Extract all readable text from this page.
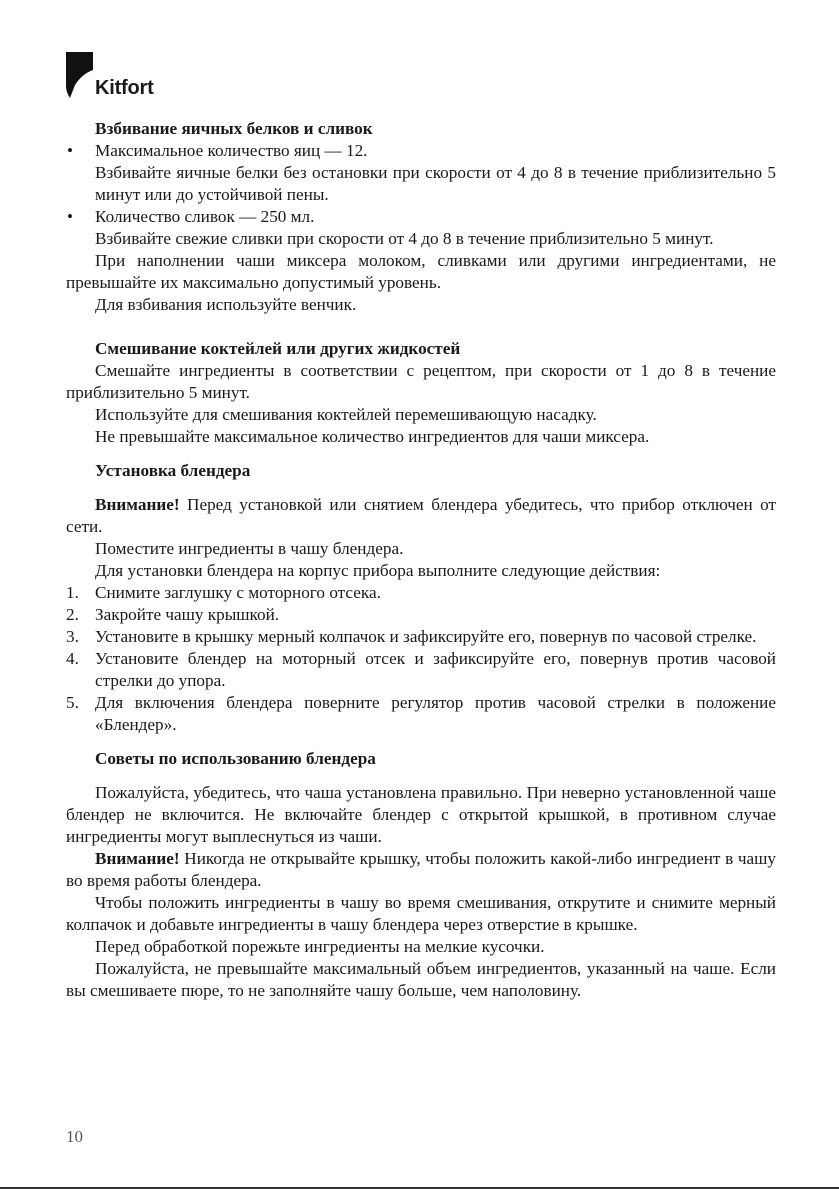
Kitfort
Взбивание яичных белков и сливок
• Максимальное количество яиц — 12.

Взбивайте яичные белки без остановки при скорости от 4 до 8 в течение приблизительно 5 минут или до устойчивой пены.

• Количество сливок — 250 мл.

Взбивайте свежие сливки при скорости от 4 до 8 в течение приблизительно 5 минут.

При наполнении чаши миксера молоком, сливками или другими ингредиентами, не превышайте их максимально допустимый уровень.

Для взбивания используйте венчик.

Смешивание коктейлей или других жидкостей

Смешайте ингредиенты в соответствии с рецептом, при скорости от 1 до 8 в течение приблизительно 5 минут.

Используйте для смешивания коктейлей перемешивающую насадку.

Не превышайте максимальное количество ингредиентов для чаши миксера.

Установка блендера

Внимание! Перед установкой или снятием блендера убедитесь, что прибор отключен от сети.

Поместите ингредиенты в чашу блендера.

Для установки блендера на корпус прибора выполните следующие действия:

1. Снимите заглушку с моторного отсека.
2. Закройте чашу крышкой.
3. Установите в крышку мерный колпачок и зафиксируйте его, повернув по часовой стрелке.
4. Установите блендер на моторный отсек и зафиксируйте его, повернув против часовой стрелки до упора.
5. Для включения блендера поверните регулятор против часовой стрелки в положение «Блендер».
Советы по использованию блендера

Пожалуйста, убедитесь, что чаша установлена правильно. При неверно установленной чаше блендер не включится. Не включайте блендер с открытой крышкой, в противном случае ингредиенты могут выплеснуться из чаши.

Внимание! Никогда не открывайте крышку, чтобы положить какой-либо ингредиент в чашу во время работы блендера.

Чтобы положить ингредиенты в чашу во время смешивания, открутите и снимите мерный колпачок и добавьте ингредиенты в чашу блендера через отверстие в крышке.

Перед обработкой порежьте ингредиенты на мелкие кусочки.

Пожалуйста, не превышайте максимальный объем ингредиентов, указанный на чаше. Если вы смешиваете пюре, то не заполняйте чашу больше, чем наполовину.

10
